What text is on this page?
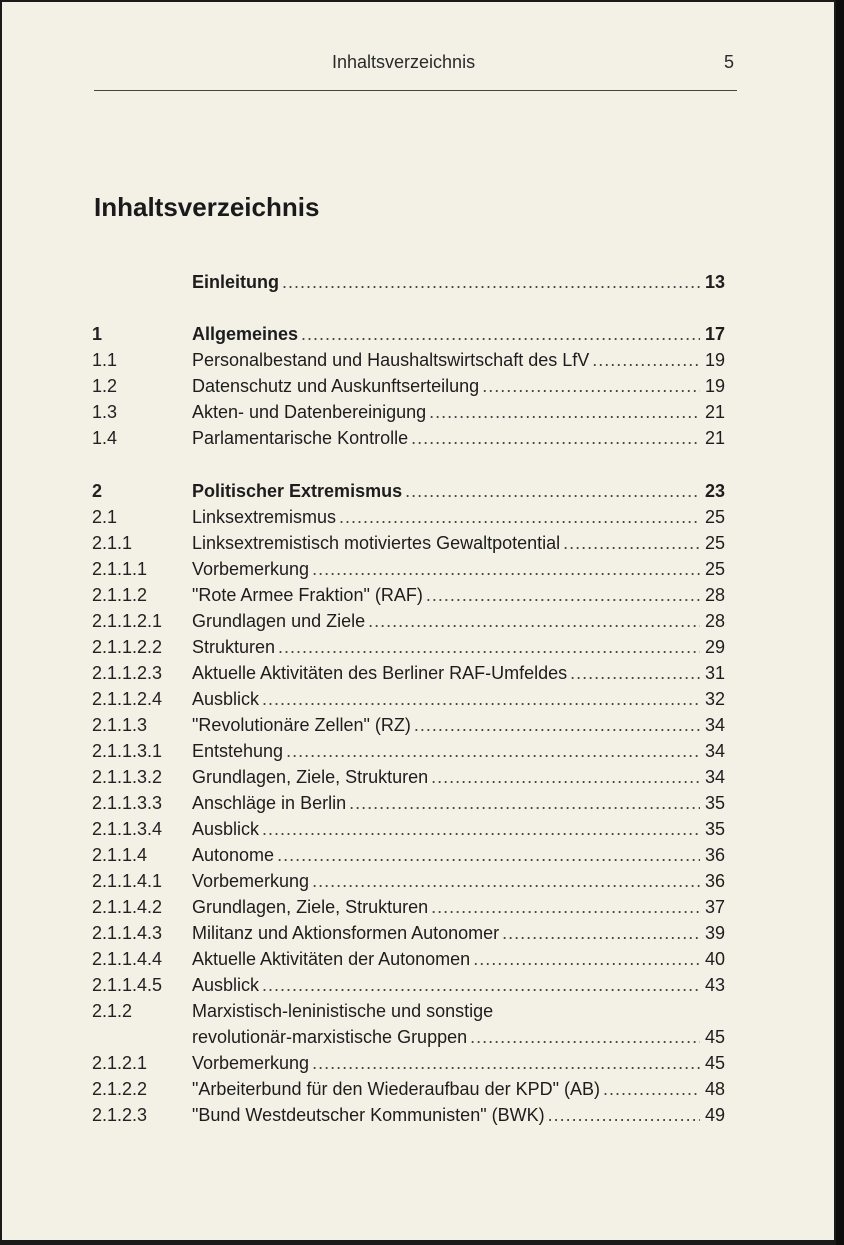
Inhaltsverzeichnis	5
Inhaltsverzeichnis
Einleitung .....	13
1	Allgemeines .....	17
1.1	Personalbestand und Haushaltswirtschaft des LfV .....	19
1.2	Datenschutz und Auskunftserteilung .....	19
1.3	Akten- und Datenbereinigung .....	21
1.4	Parlamentarische Kontrolle .....	21
2	Politischer Extremismus .....	23
2.1	Linksextremismus .....	25
2.1.1	Linksextremistisch motiviertes Gewaltpotential .....	25
2.1.1.1 Vorbemerkung .....	25
2.1.1.2 "Rote Armee Fraktion" (RAF) .....	28
2.1.1.2.1 Grundlagen und Ziele .....	28
2.1.1.2.2 Strukturen .....	29
2.1.1.2.3 Aktuelle Aktivitäten des Berliner RAF-Umfeldes .....	31
2.1.1.2.4 Ausblick .....	32
2.1.1.3 "Revolutionäre Zellen" (RZ) .....	34
2.1.1.3.1 Entstehung .....	34
2.1.1.3.2 Grundlagen, Ziele, Strukturen .....	34
2.1.1.3.3 Anschläge in Berlin .....	35
2.1.1.3.4 Ausblick .....	35
2.1.1.4 Autonome .....	36
2.1.1.4.1 Vorbemerkung .....	36
2.1.1.4.2 Grundlagen, Ziele, Strukturen .....	37
2.1.1.4.3 Militanz und Aktionsformen Autonomer .....	39
2.1.1.4.4 Aktuelle Aktivitäten der Autonomen .....	40
2.1.1.4.5 Ausblick .....	43
2.1.2	Marxistisch-leninistische und sonstige
revolutionär-marxistische Gruppen .....	45
2.1.2.1 Vorbemerkung .....	45
2.1.2.2 "Arbeiterbund für den Wiederaufbau der KPD" (AB) .....	48
2.1.2.3 "Bund Westdeutscher Kommunisten" (BWK) .....	49
